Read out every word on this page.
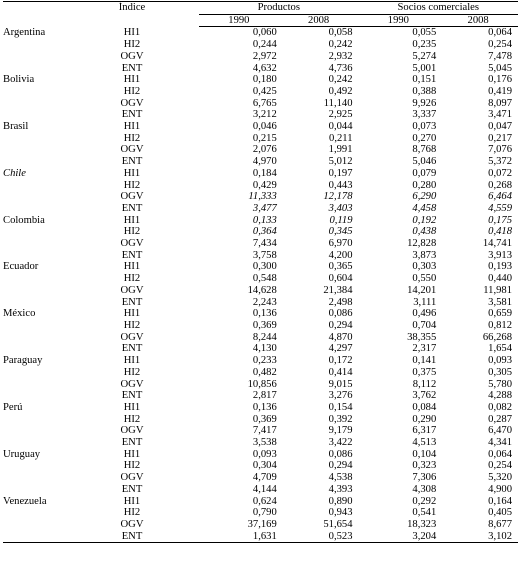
	Índice	Productos		Socios comerciales	
		1990	2008	1990	2008
Argentina	HI1	0,060	0,058	0,055	0,064
	HI2	0,244	0,242	0,235	0,254
	OGV	2,972	2,932	5,274	7,478
	ENT	4,632	4,736	5,001	5,045
Bolivia	HI1	0,180	0,242	0,151	0,176
	HI2	0,425	0,492	0,388	0,419
	OGV	6,765	11,140	9,926	8,097
	ENT	3,212	2,925	3,337	3,471
Brasil	HI1	0,046	0,044	0,073	0,047
	HI2	0,215	0,211	0,270	0,217
	OGV	2,076	1,991	8,768	7,076
	ENT	4,970	5,012	5,046	5,372
Chile	HI1	0,184	0,197	0,079	0,072
	HI2	0,429	0,443	0,280	0,268
	OGV	11,333	12,178	6,290	6,464
	ENT	3,477	3,403	4,458	4,559
Colombia	HI1	0,133	0,119	0,192	0,175
	HI2	0,364	0,345	0,438	0,418
	OGV	7,434	6,970	12,828	14,741
	ENT	3,758	4,200	3,873	3,913
Ecuador	HI1	0,300	0,365	0,303	0,193
	HI2	0,548	0,604	0,550	0,440
	OGV	14,628	21,384	14,201	11,981
	ENT	2,243	2,498	3,111	3,581
México	HI1	0,136	0,086	0,496	0,659
	HI2	0,369	0,294	0,704	0,812
	OGV	8,244	4,870	38,355	66,268
	ENT	4,130	4,297	2,317	1,654
Paraguay	HI1	0,233	0,172	0,141	0,093
	HI2	0,482	0,414	0,375	0,305
	OGV	10,856	9,015	8,112	5,780
	ENT	2,817	3,276	3,762	4,288
Perú	HI1	0,136	0,154	0,084	0,082
	HI2	0,369	0,392	0,290	0,287
	OGV	7,417	9,179	6,317	6,470
	ENT	3,538	3,422	4,513	4,341
Uruguay	HI1	0,093	0,086	0,104	0,064
	HI2	0,304	0,294	0,323	0,254
	OGV	4,709	4,538	7,306	5,320
	ENT	4,144	4,393	4,308	4,900
Venezuela	HI1	0,624	0,890	0,292	0,164
	HI2	0,790	0,943	0,541	0,405
	OGV	37,169	51,654	18,323	8,677
	ENT	1,631	0,523	3,204	3,102
